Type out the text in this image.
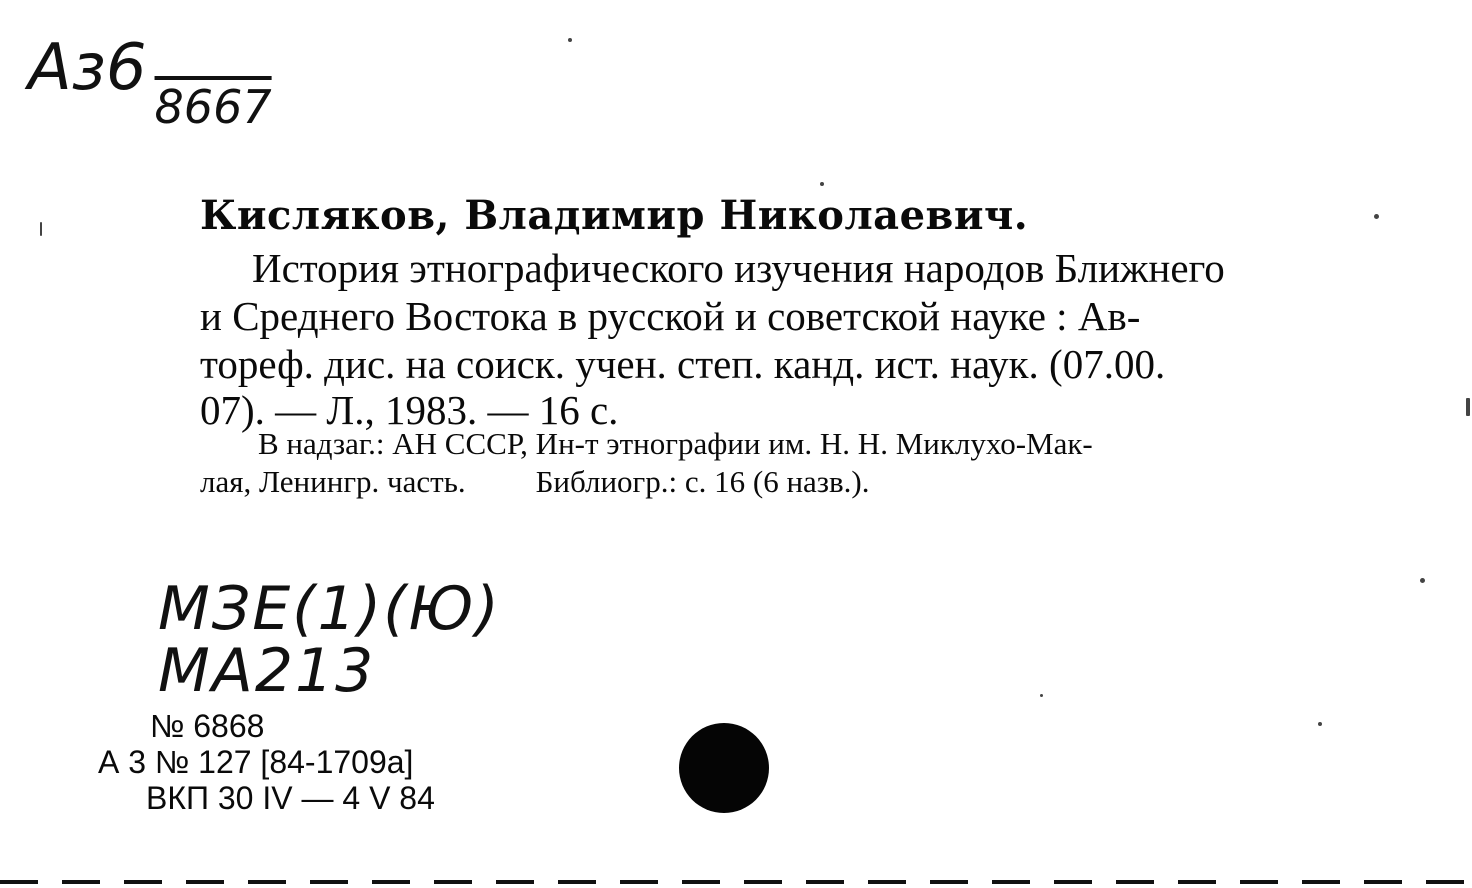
$Аз6_{8667}$
Кисляков, Владимир Николаевич.
История этнографического изучения народов Ближнего
и Среднего Востока в русской и советской науке : Ав-
тореф. дис. на соиск. учен. степ. канд. ист. наук. (07.00.
07). — Л., 1983. — 16 с.
В надзаг.: АН СССР, Ин-т этнографии им. Н. Н. Миклухо-Мак-
лая, Ленингр. часть. Библиогр.: с. 16 (6 назв.).
МЗЕ(1)(Ю)
МА213
№ 6868
А 3 № 127 [84-1709а]
ВКП 30 IV — 4 V 84
